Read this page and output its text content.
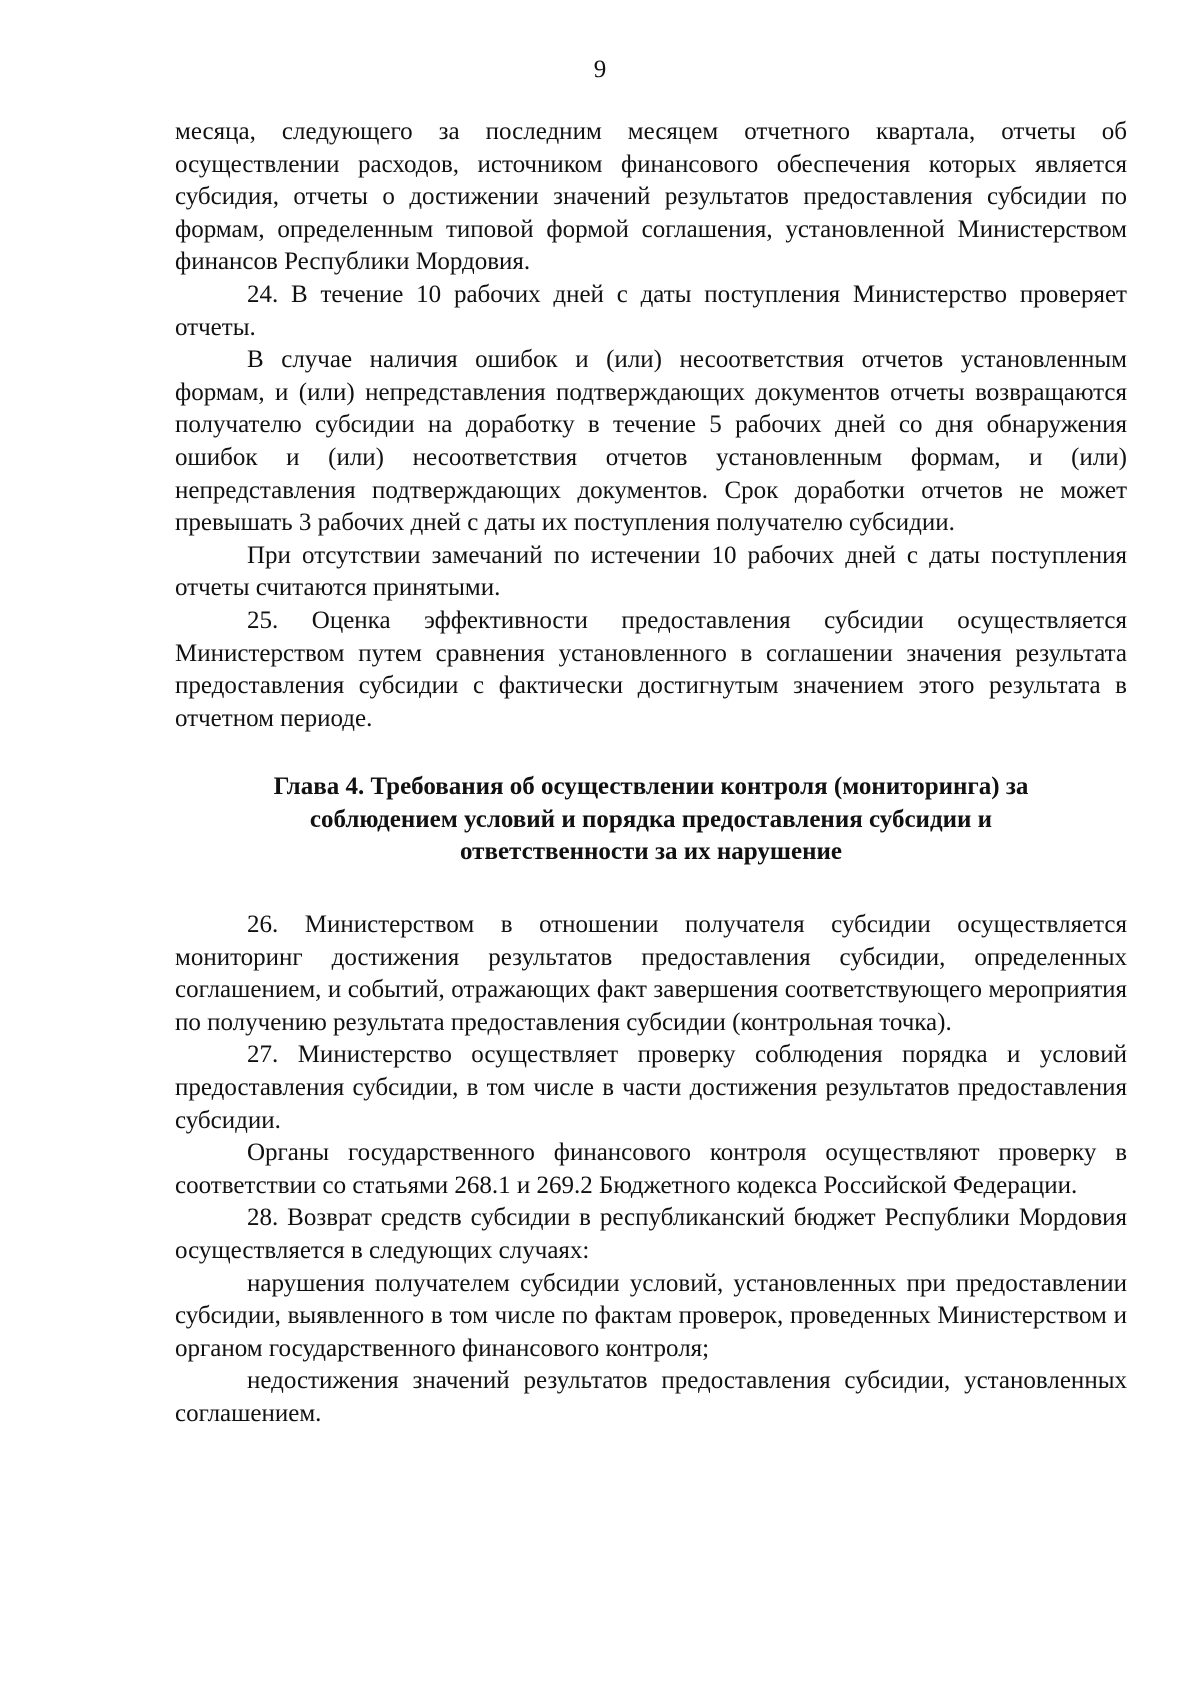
9

месяца, следующего за последним месяцем отчетного квартала, отчеты об осуществлении расходов, источником финансового обеспечения которых является субсидия, отчеты о достижении значений результатов предоставления субсидии по формам, определенным типовой формой соглашения, установленной Министерством финансов Республики Мордовия.

24. В течение 10 рабочих дней с даты поступления Министерство проверяет отчеты.

В случае наличия ошибок и (или) несоответствия отчетов установленным формам, и (или) непредставления подтверждающих документов отчеты возвращаются получателю субсидии на доработку в течение 5 рабочих дней со дня обнаружения ошибок и (или) несоответствия отчетов установленным формам, и (или) непредставления подтверждающих документов. Срок доработки отчетов не может превышать 3 рабочих дней с даты их поступления получателю субсидии.

При отсутствии замечаний по истечении 10 рабочих дней с даты поступления отчеты считаются принятыми.

25. Оценка эффективности предоставления субсидии осуществляется Министерством путем сравнения установленного в соглашении значения результата предоставления субсидии с фактически достигнутым значением этого результата в отчетном периоде.

Глава 4. Требования об осуществлении контроля (мониторинга) за
соблюдением условий и порядка предоставления субсидии и
ответственности за их нарушение

26. Министерством в отношении получателя субсидии осуществляется мониторинг достижения результатов предоставления субсидии, определенных соглашением, и событий, отражающих факт завершения соответствующего мероприятия по получению результата предоставления субсидии (контрольная точка).

27. Министерство осуществляет проверку соблюдения порядка и условий предоставления субсидии, в том числе в части достижения результатов предоставления субсидии.

Органы государственного финансового контроля осуществляют проверку в соответствии со статьями 268.1 и 269.2 Бюджетного кодекса Российской Федерации.

28. Возврат средств субсидии в республиканский бюджет Республики Мордовия осуществляется в следующих случаях:

нарушения получателем субсидии условий, установленных при предоставлении субсидии, выявленного в том числе по фактам проверок, проведенных Министерством и органом государственного финансового контроля;

недостижения значений результатов предоставления субсидии, установленных соглашением.
